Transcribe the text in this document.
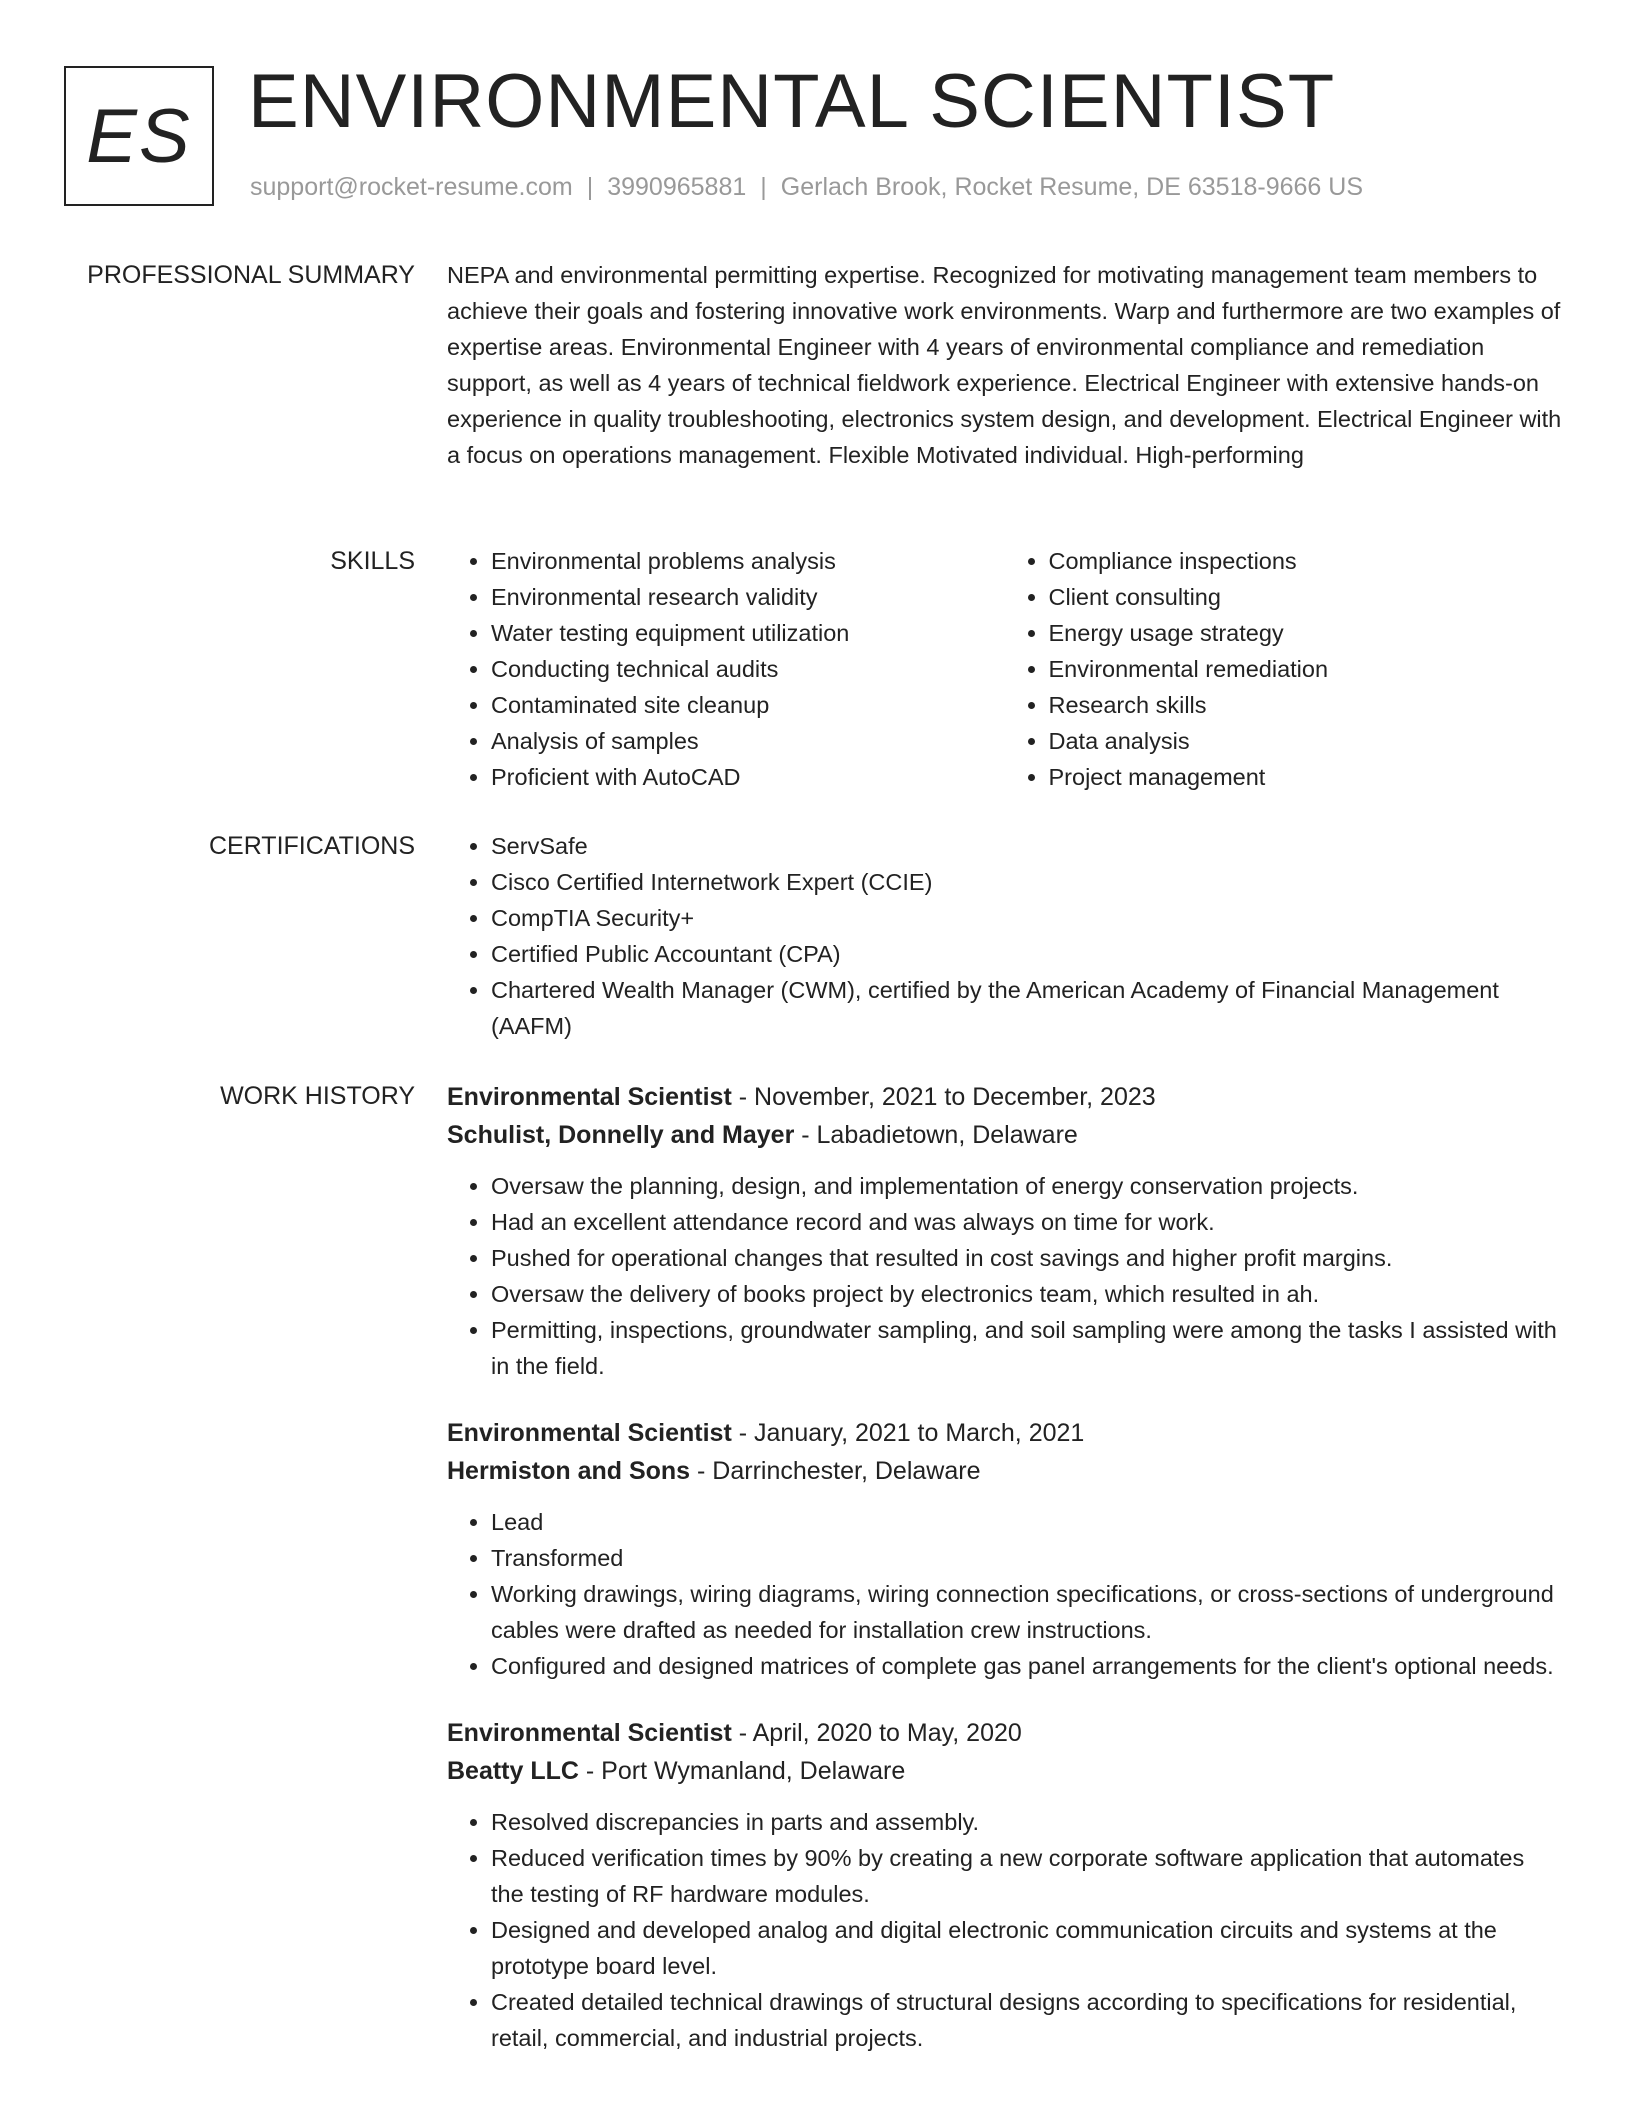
ES ENVIRONMENTAL SCIENTIST
support@rocket-resume.com | 3990965881 | Gerlach Brook, Rocket Resume, DE 63518-9666 US
PROFESSIONAL SUMMARY NEPA and environmental permitting expertise. Recognized for motivating management team members to achieve their goals and fostering innovative work environments. Warp and furthermore are two examples of expertise areas. Environmental Engineer with 4 years of environmental compliance and remediation support, as well as 4 years of technical fieldwork experience. Electrical Engineer with extensive hands-on experience in quality troubleshooting, electronics system design, and development. Electrical Engineer with a focus on operations management. Flexible Motivated individual. High-performing

SKILLS	• Environmental problems analysis
• Environmental research validity
• Water testing equipment utilization
• Conducting technical audits
• Contaminated site cleanup
• Analysis of samples
• Proficient with AutoCAD
• Compliance inspections
• Client consulting
• Energy usage strategy
• Environmental remediation
• Research skills
• Data analysis
• Project management
CERTIFICATIONS	• ServSafe
• Cisco Certified Internetwork Expert (CCIE)
• CompTIA Security+
• Certified Public Accountant (CPA)
• Chartered Wealth Manager (CWM), certified by the American Academy of Financial Management (AAFM)
WORK HISTORY Environmental Scientist - November, 2021 to December, 2023
Schulist, Donnelly and Mayer - Labadietown, Delaware
• Oversaw the planning, design, and implementation of energy conservation projects.
• Had an excellent attendance record and was always on time for work.
• Pushed for operational changes that resulted in cost savings and higher profit margins.
• Oversaw the delivery of books project by electronics team, which resulted in ah.
• Permitting, inspections, groundwater sampling, and soil sampling were among the tasks I assisted with in the field.
Environmental Scientist - January, 2021 to March, 2021
Hermiston and Sons - Darrinchester, Delaware
• Lead
• Transformed
• Working drawings, wiring diagrams, wiring connection specifications, or cross-sections of underground cables were drafted as needed for installation crew instructions.
• Configured and designed matrices of complete gas panel arrangements for the client's optional needs.
Environmental Scientist - April, 2020 to May, 2020
Beatty LLC - Port Wymanland, Delaware
• Resolved discrepancies in parts and assembly.
• Reduced verification times by 90% by creating a new corporate software application that automates the testing of RF hardware modules.
• Designed and developed analog and digital electronic communication circuits and systems at the prototype board level.
• Created detailed technical drawings of structural designs according to specifications for residential, retail, commercial, and industrial projects.
